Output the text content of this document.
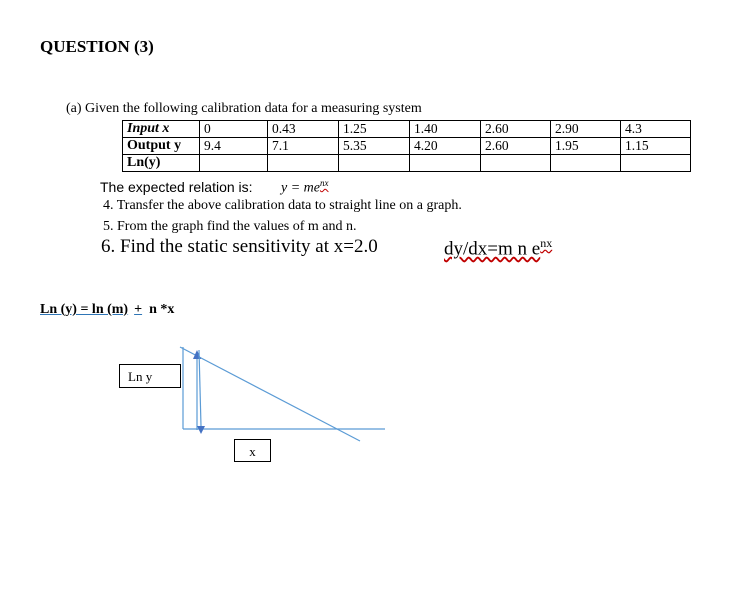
QUESTION (3)
(a) Given the following calibration data for a measuring system
Input x	0	0.43	1.25	1.40	2.60	2.90	4.3
Output y	9.4	7.1	5.35	4.20	2.60	1.95	1.15
Ln(y)							
The expected relation is: $y = me^{nx}$
4. Transfer the above calibration data to straight line on a graph.
5. From the graph find the values of m and n.
6. Find the static sensitivity at x=2.0	dy/dx=m n $e^{nx}$
Ln (y) = ln (m) + n *x
Ln y
x
